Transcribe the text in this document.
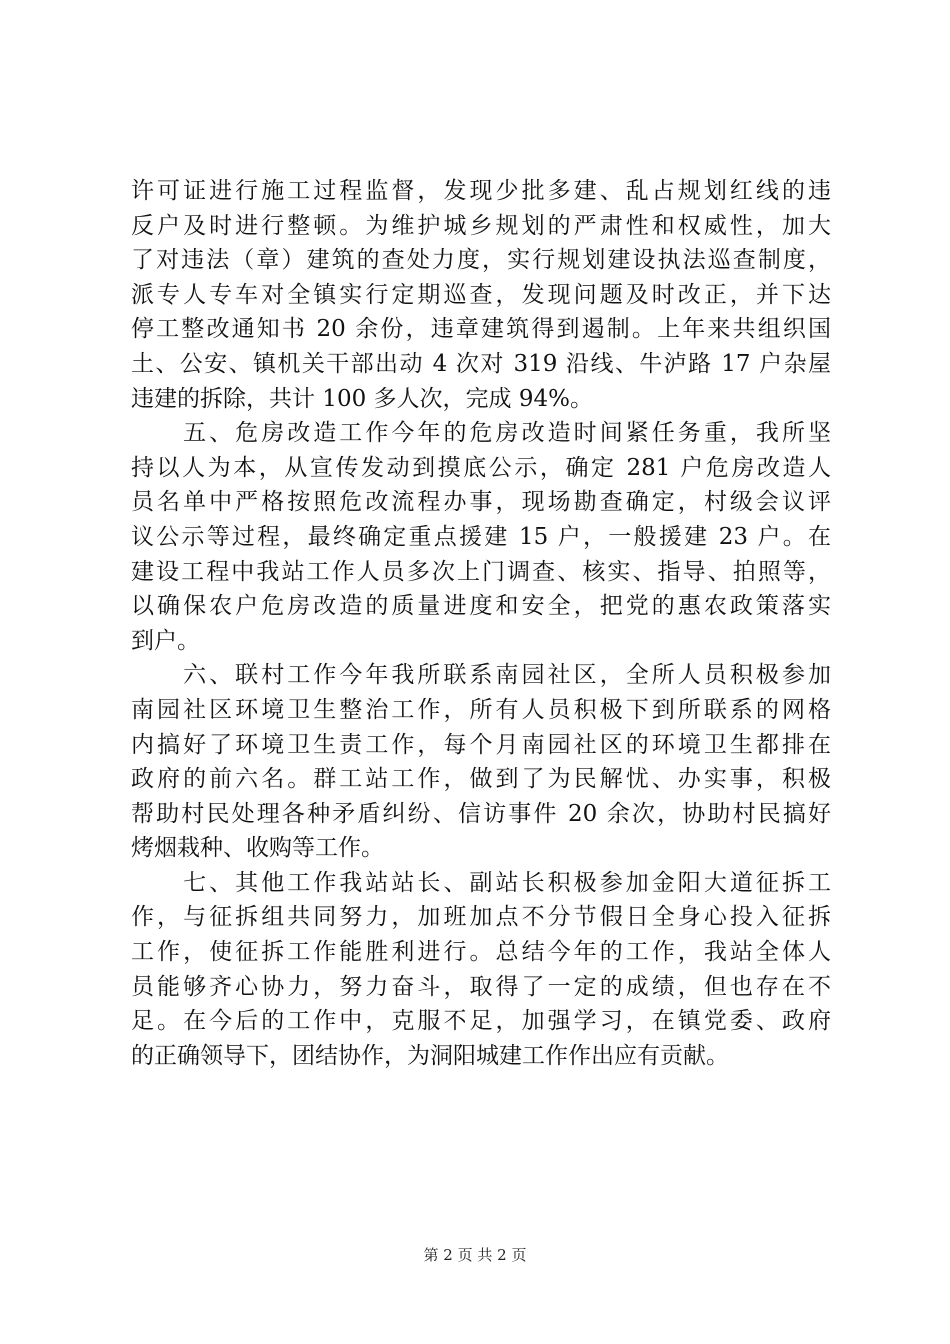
许可证进行施工过程监督，发现少批多建、乱占规划红线的违
反户及时进行整顿。为维护城乡规划的严肃性和权威性，加大
了对违法（章）建筑的查处力度，实行规划建设执法巡查制度，
派专人专车对全镇实行定期巡查，发现问题及时改正，并下达
停工整改通知书 20 余份，违章建筑得到遏制。上年来共组织国
土、公安、镇机关干部出动 4 次对 319 沿线、牛泸路 17 户杂屋
违建的拆除，共计 100 多人次，完成 94%。
　　五、危房改造工作今年的危房改造时间紧任务重，我所坚
持以人为本，从宣传发动到摸底公示，确定 281 户危房改造人
员名单中严格按照危改流程办事，现场勘查确定，村级会议评
议公示等过程，最终确定重点援建 15 户，一般援建 23 户。在
建设工程中我站工作人员多次上门调查、核实、指导、拍照等，
以确保农户危房改造的质量进度和安全，把党的惠农政策落实
到户。
　　六、联村工作今年我所联系南园社区，全所人员积极参加
南园社区环境卫生整治工作，所有人员积极下到所联系的网格
内搞好了环境卫生责工作，每个月南园社区的环境卫生都排在
政府的前六名。群工站工作，做到了为民解忧、办实事，积极
帮助村民处理各种矛盾纠纷、信访事件 20 余次，协助村民搞好
烤烟栽种、收购等工作。
　　七、其他工作我站站长、副站长积极参加金阳大道征拆工
作，与征拆组共同努力，加班加点不分节假日全身心投入征拆
工作，使征拆工作能胜利进行。总结今年的工作，我站全体人
员能够齐心协力，努力奋斗，取得了一定的成绩，但也存在不
足。在今后的工作中，克服不足，加强学习，在镇党委、政府
的正确领导下，团结协作，为洞阳城建工作作出应有贡献。
第 2 页 共 2 页
